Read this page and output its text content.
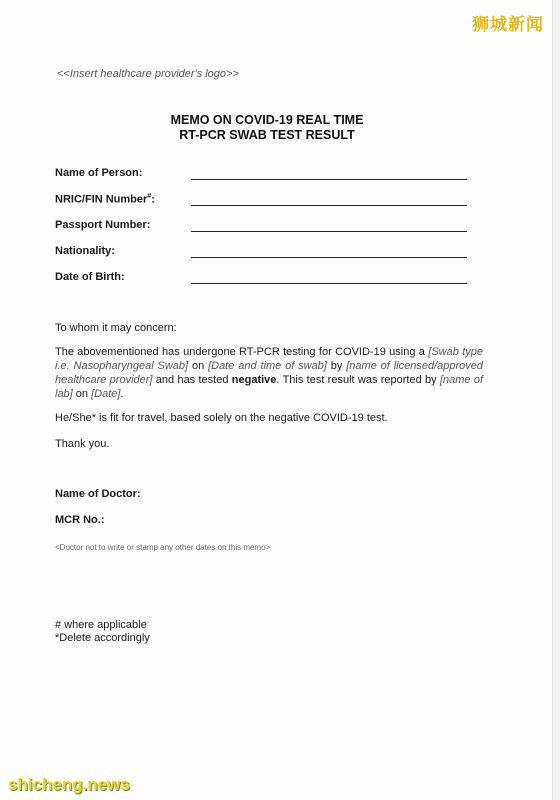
狮城新闻
<<Insert healthcare provider's logo>>
MEMO ON COVID-19 REAL TIME
RT-PCR SWAB TEST RESULT
Name of Person:
NRIC/FIN Number#:
Passport Number:
Nationality:
Date of Birth:
To whom it may concern:
The abovementioned has undergone RT-PCR testing for COVID-19 using a [Swab type i.e. Nasopharyngeal Swab] on [Date and time of swab] by [name of licensed/approved healthcare provider] and has tested negative. This test result was reported by [name of lab] on [Date].
He/She* is fit for travel, based solely on the negative COVID-19 test.
Thank you.
Name of Doctor:
MCR No.:
<Doctor not to write or stamp any other dates on this memo>
# where applicable
*Delete accordingly
shicheng.news
